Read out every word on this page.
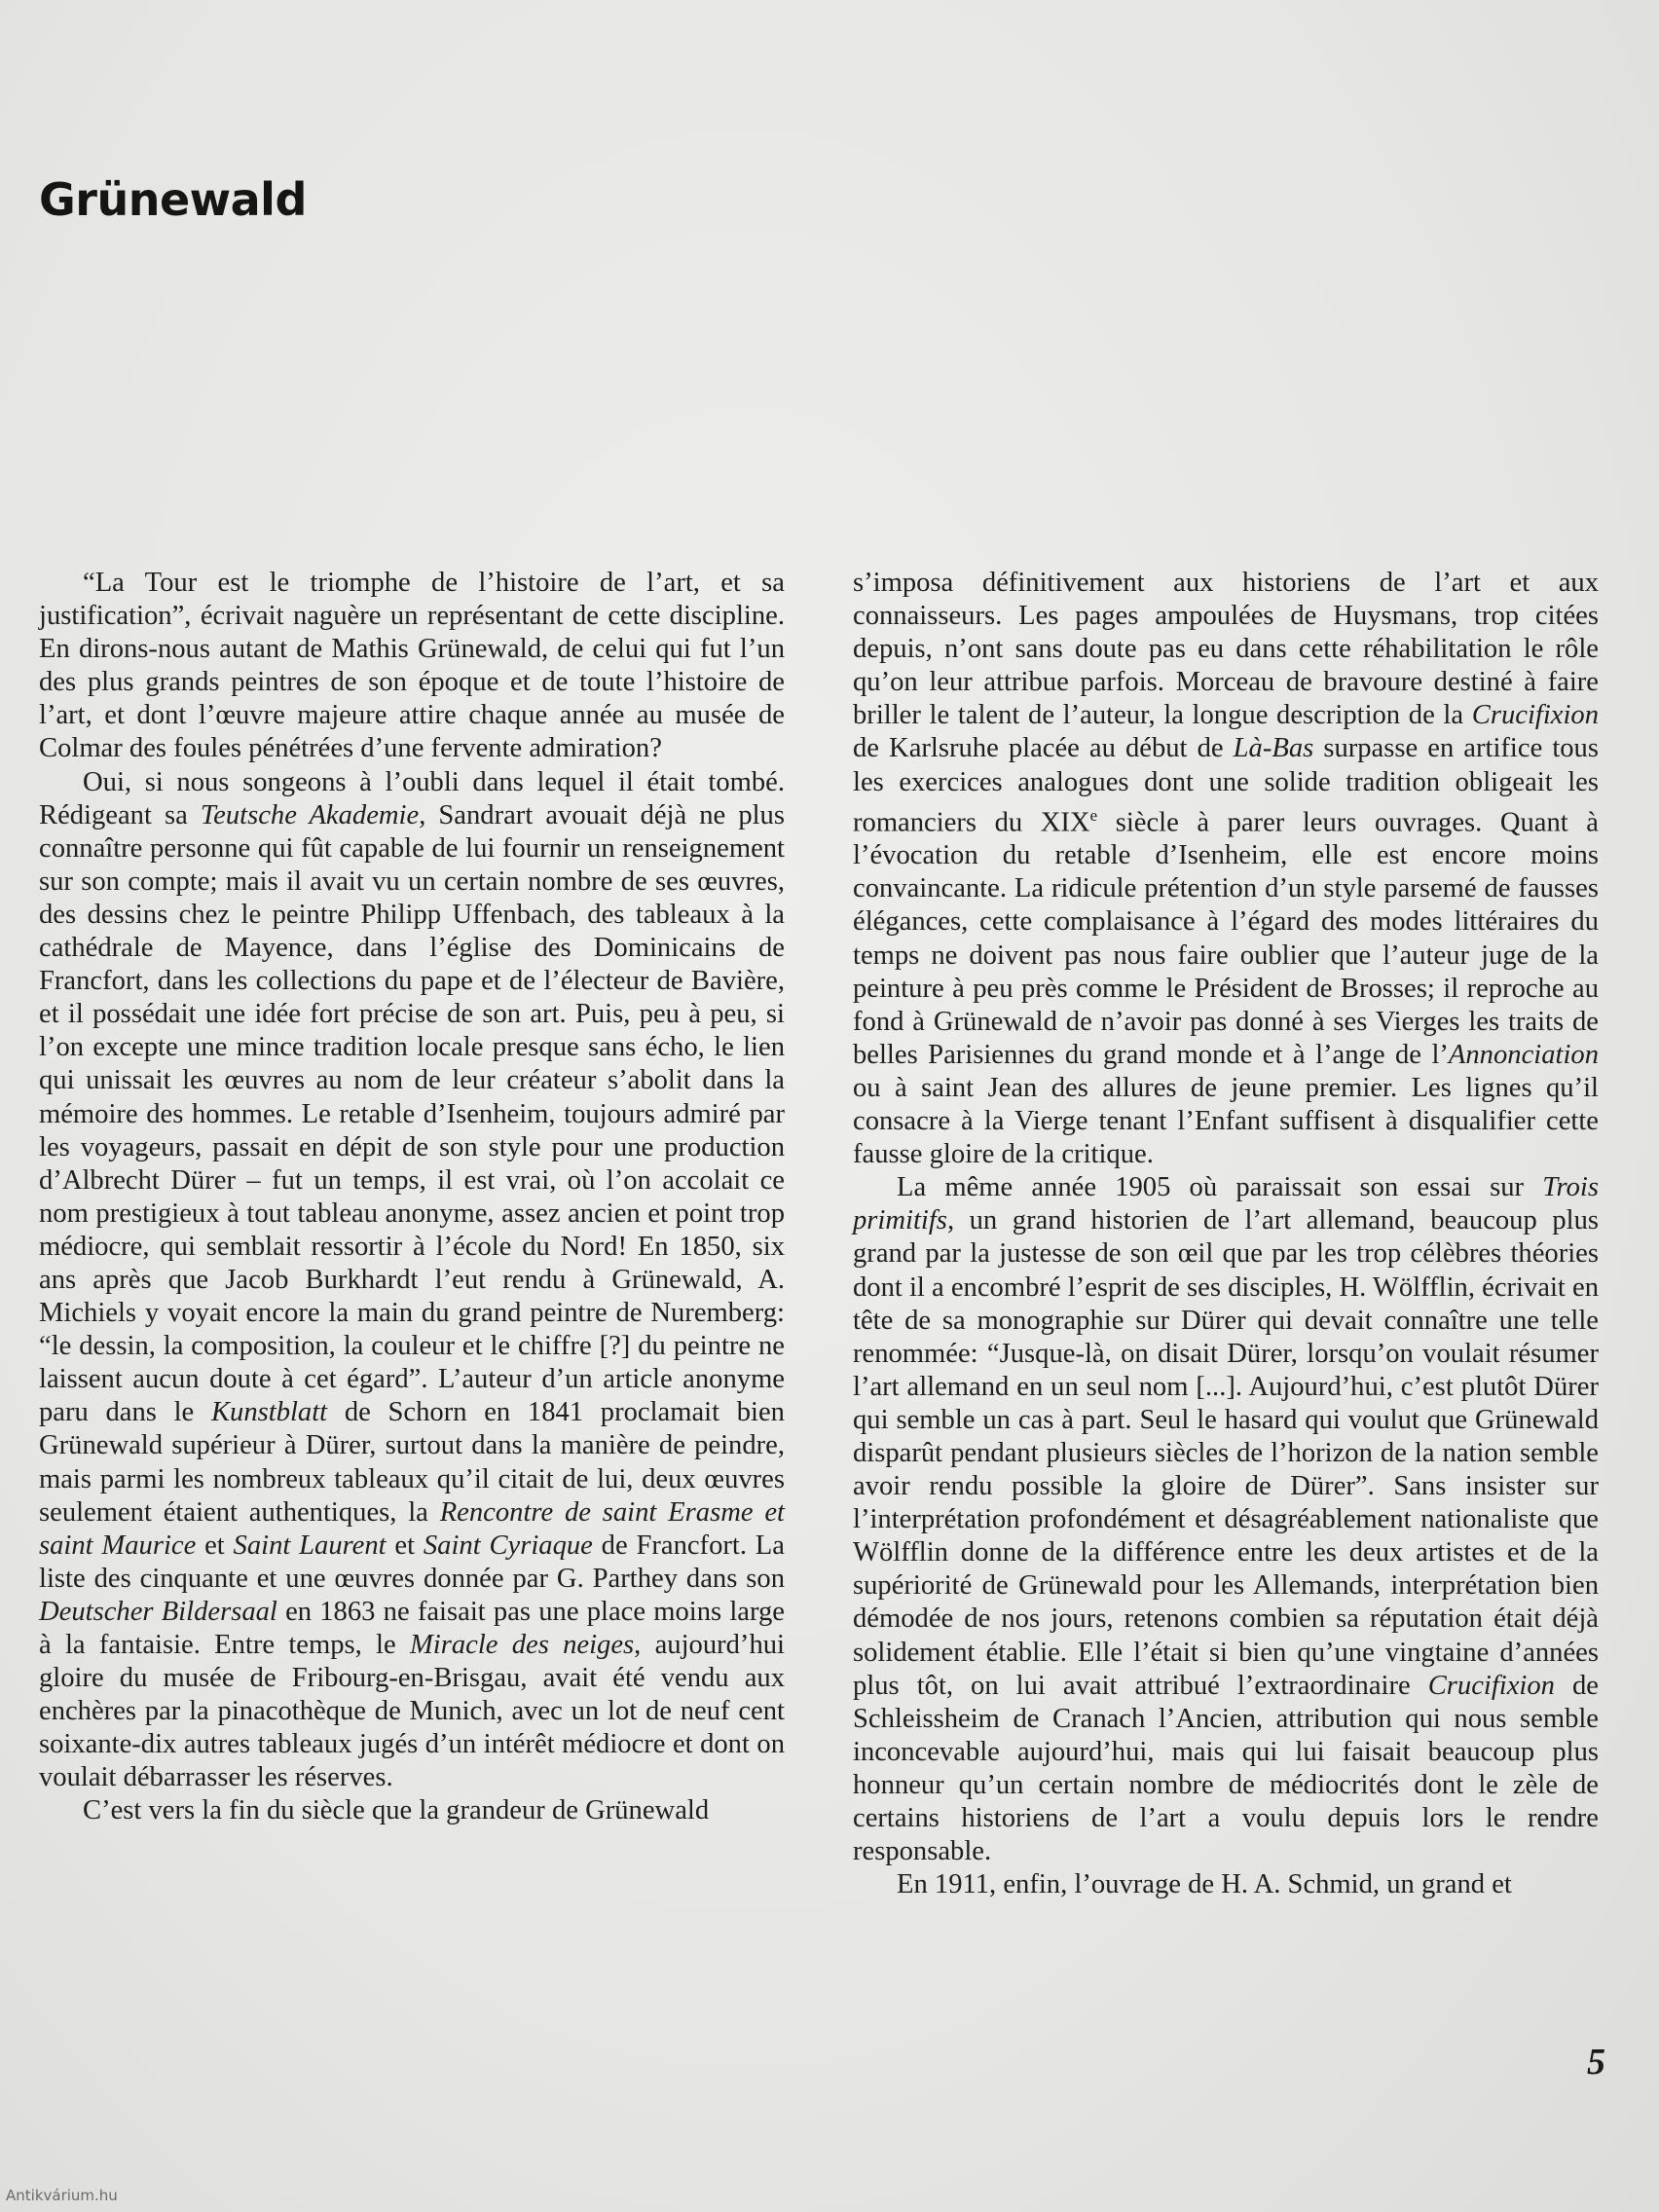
Grünewald

“La Tour est le triomphe de l’histoire de l’art, et sa justification”, écrivait naguère un représentant de cette discipline. En dirons-nous autant de Mathis Grünewald, de celui qui fut l’un des plus grands peintres de son époque et de toute l’histoire de l’art, et dont l’œuvre majeure attire chaque année au musée de Colmar des foules pénétrées d’une fervente admiration?

Oui, si nous songeons à l’oubli dans lequel il était tombé. Rédigeant sa Teutsche Akademie, Sandrart avouait déjà ne plus connaître personne qui fût capable de lui fournir un renseignement sur son compte; mais il avait vu un certain nombre de ses œuvres, des dessins chez le peintre Philipp Uffenbach, des tableaux à la cathédrale de Mayence, dans l’église des Dominicains de Francfort, dans les collections du pape et de l’électeur de Bavière, et il possédait une idée fort précise de son art. Puis, peu à peu, si l’on excepte une mince tradition locale presque sans écho, le lien qui unissait les œuvres au nom de leur créateur s’abolit dans la mémoire des hommes. Le retable d’Isenheim, toujours admiré par les voyageurs, passait en dépit de son style pour une production d’Albrecht Dürer – fut un temps, il est vrai, où l’on accolait ce nom prestigieux à tout tableau anonyme, assez ancien et point trop médiocre, qui semblait ressortir à l’école du Nord! En 1850, six ans après que Jacob Burkhardt l’eut rendu à Grünewald, A. Michiels y voyait encore la main du grand peintre de Nuremberg: “le dessin, la composition, la couleur et le chiffre [?] du peintre ne laissent aucun doute à cet égard”. L’auteur d’un article anonyme paru dans le Kunstblatt de Schorn en 1841 proclamait bien Grünewald supérieur à Dürer, surtout dans la manière de peindre, mais parmi les nombreux tableaux qu’il citait de lui, deux œuvres seulement étaient authentiques, la Rencontre de saint Erasme et saint Maurice et Saint Laurent et Saint Cyriaque de Francfort. La liste des cinquante et une œuvres donnée par G. Parthey dans son Deutscher Bildersaal en 1863 ne faisait pas une place moins large à la fantaisie. Entre temps, le Miracle des neiges, aujourd’hui gloire du musée de Fribourg-en-Brisgau, avait été vendu aux enchères par la pinacothèque de Munich, avec un lot de neuf cent soixante-dix autres tableaux jugés d’un intérêt médiocre et dont on voulait débarrasser les réserves.

C’est vers la fin du siècle que la grandeur de Grünewald

s’imposa définitivement aux historiens de l’art et aux connaisseurs. Les pages ampoulées de Huysmans, trop citées depuis, n’ont sans doute pas eu dans cette réhabilitation le rôle qu’on leur attribue parfois. Morceau de bravoure destiné à faire briller le talent de l’auteur, la longue description de la Crucifixion de Karlsruhe placée au début de Là-Bas surpasse en artifice tous les exercices analogues dont une solide tradition obligeait les romanciers du XIXe siècle à parer leurs ouvrages. Quant à l’évocation du retable d’Isenheim, elle est encore moins convaincante. La ridicule prétention d’un style parsemé de fausses élégances, cette complaisance à l’égard des modes littéraires du temps ne doivent pas nous faire oublier que l’auteur juge de la peinture à peu près comme le Président de Brosses; il reproche au fond à Grünewald de n’avoir pas donné à ses Vierges les traits de belles Parisiennes du grand monde et à l’ange de l’Annonciation ou à saint Jean des allures de jeune premier. Les lignes qu’il consacre à la Vierge tenant l’Enfant suffisent à disqualifier cette fausse gloire de la critique.

La même année 1905 où paraissait son essai sur Trois primitifs, un grand historien de l’art allemand, beaucoup plus grand par la justesse de son œil que par les trop célèbres théories dont il a encombré l’esprit de ses disciples, H. Wölfflin, écrivait en tête de sa monographie sur Dürer qui devait connaître une telle renommée: “Jusque-là, on disait Dürer, lorsqu’on voulait résumer l’art allemand en un seul nom [...]. Aujourd’hui, c’est plutôt Dürer qui semble un cas à part. Seul le hasard qui voulut que Grünewald disparût pendant plusieurs siècles de l’horizon de la nation semble avoir rendu possible la gloire de Dürer”. Sans insister sur l’interprétation profondément et désagréablement nationaliste que Wölfflin donne de la différence entre les deux artistes et de la supériorité de Grünewald pour les Allemands, interprétation bien démodée de nos jours, retenons combien sa réputation était déjà solidement établie. Elle l’était si bien qu’une vingtaine d’années plus tôt, on lui avait attribué l’extraordinaire Crucifixion de Schleissheim de Cranach l’Ancien, attribution qui nous semble inconcevable aujourd’hui, mais qui lui faisait beaucoup plus honneur qu’un certain nombre de médiocrités dont le zèle de certains historiens de l’art a voulu depuis lors le rendre responsable.

En 1911, enfin, l’ouvrage de H. A. Schmid, un grand et

5
Antikvárium.hu
